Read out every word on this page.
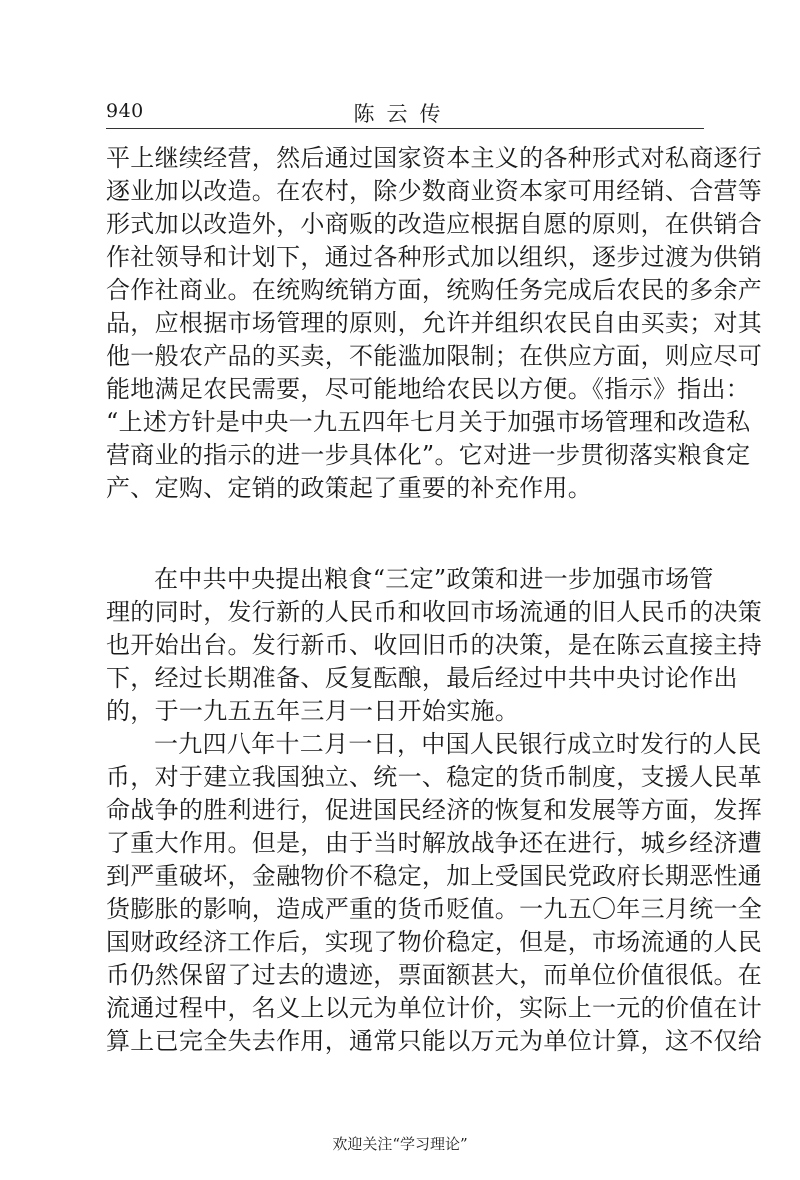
940	陈云传
平上继续经营，然后通过国家资本主义的各种形式对私商逐行
逐业加以改造。在农村，除少数商业资本家可用经销、合营等
形式加以改造外，小商贩的改造应根据自愿的原则，在供销合
作社领导和计划下，通过各种形式加以组织，逐步过渡为供销
合作社商业。在统购统销方面，统购任务完成后农民的多余产
品，应根据市场管理的原则，允许并组织农民自由买卖；对其
他一般农产品的买卖，不能滥加限制；在供应方面，则应尽可
能地满足农民需要，尽可能地给农民以方便。《指示》指出：
“上述方针是中央一九五四年七月关于加强市场管理和改造私
营商业的指示的进一步具体化”。它对进一步贯彻落实粮食定
产、定购、定销的政策起了重要的补充作用。
在中共中央提出粮食“三定”政策和进一步加强市场管
理的同时，发行新的人民币和收回市场流通的旧人民币的决策
也开始出台。发行新币、收回旧币的决策，是在陈云直接主持
下，经过长期准备、反复酝酿，最后经过中共中央讨论作出
的，于一九五五年三月一日开始实施。
一九四八年十二月一日，中国人民银行成立时发行的人民
币，对于建立我国独立、统一、稳定的货币制度，支援人民革
命战争的胜利进行，促进国民经济的恢复和发展等方面，发挥
了重大作用。但是，由于当时解放战争还在进行，城乡经济遭
到严重破坏，金融物价不稳定，加上受国民党政府长期恶性通
货膨胀的影响，造成严重的货币贬值。一九五〇年三月统一全
国财政经济工作后，实现了物价稳定，但是，市场流通的人民
币仍然保留了过去的遗迹，票面额甚大，而单位价值很低。在
流通过程中，名义上以元为单位计价，实际上一元的价值在计
算上已完全失去作用，通常只能以万元为单位计算，这不仅给
欢迎关注“学习理论”
